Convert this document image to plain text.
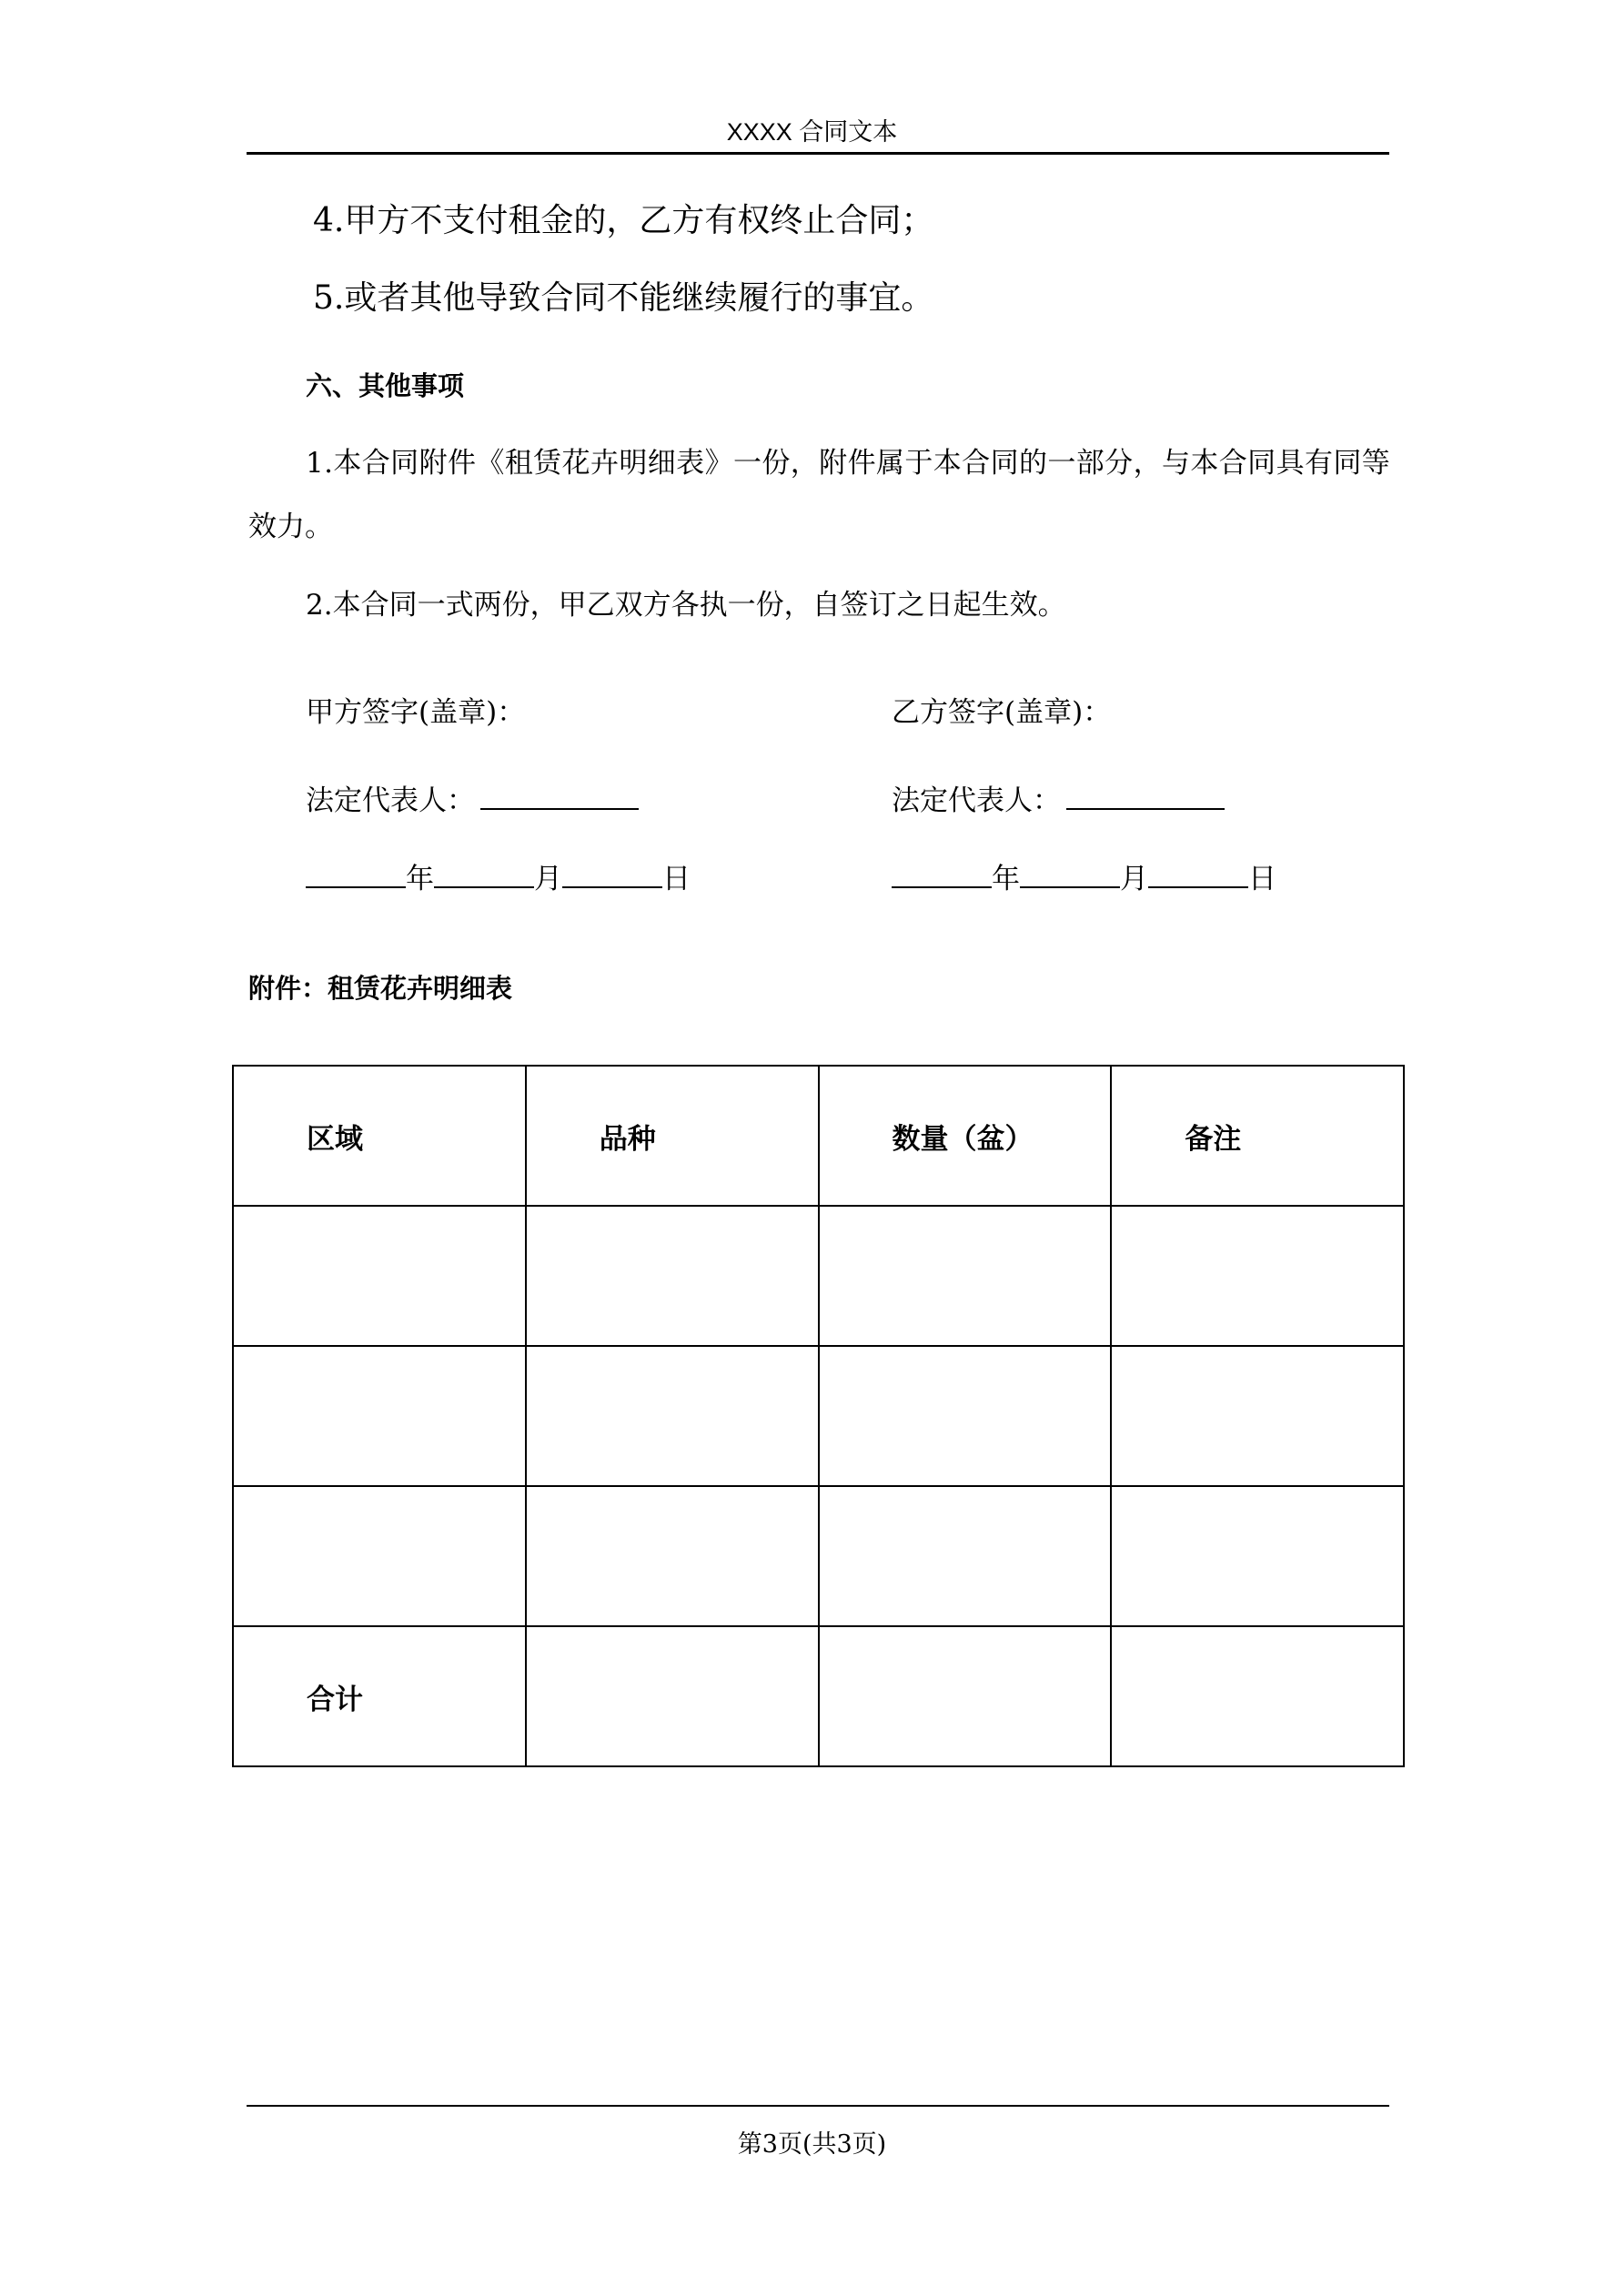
XXXX 合同文本
4.甲方不支付租金的，乙方有权终止合同；
5.或者其他导致合同不能继续履行的事宜。
六、其他事项
1.本合同附件《租赁花卉明细表》一份，附件属于本合同的一部分，与本合同具有同等
效力。
2.本合同一式两份，甲乙双方各执一份，自签订之日起生效。
甲方签字(盖章)：
法定代表人：
年	月	日
乙方签字(盖章)：
法定代表人：
年	月	日
附件：租赁花卉明细表
区域	品种	数量（盆）	备注

合计			
第3页(共3页)
